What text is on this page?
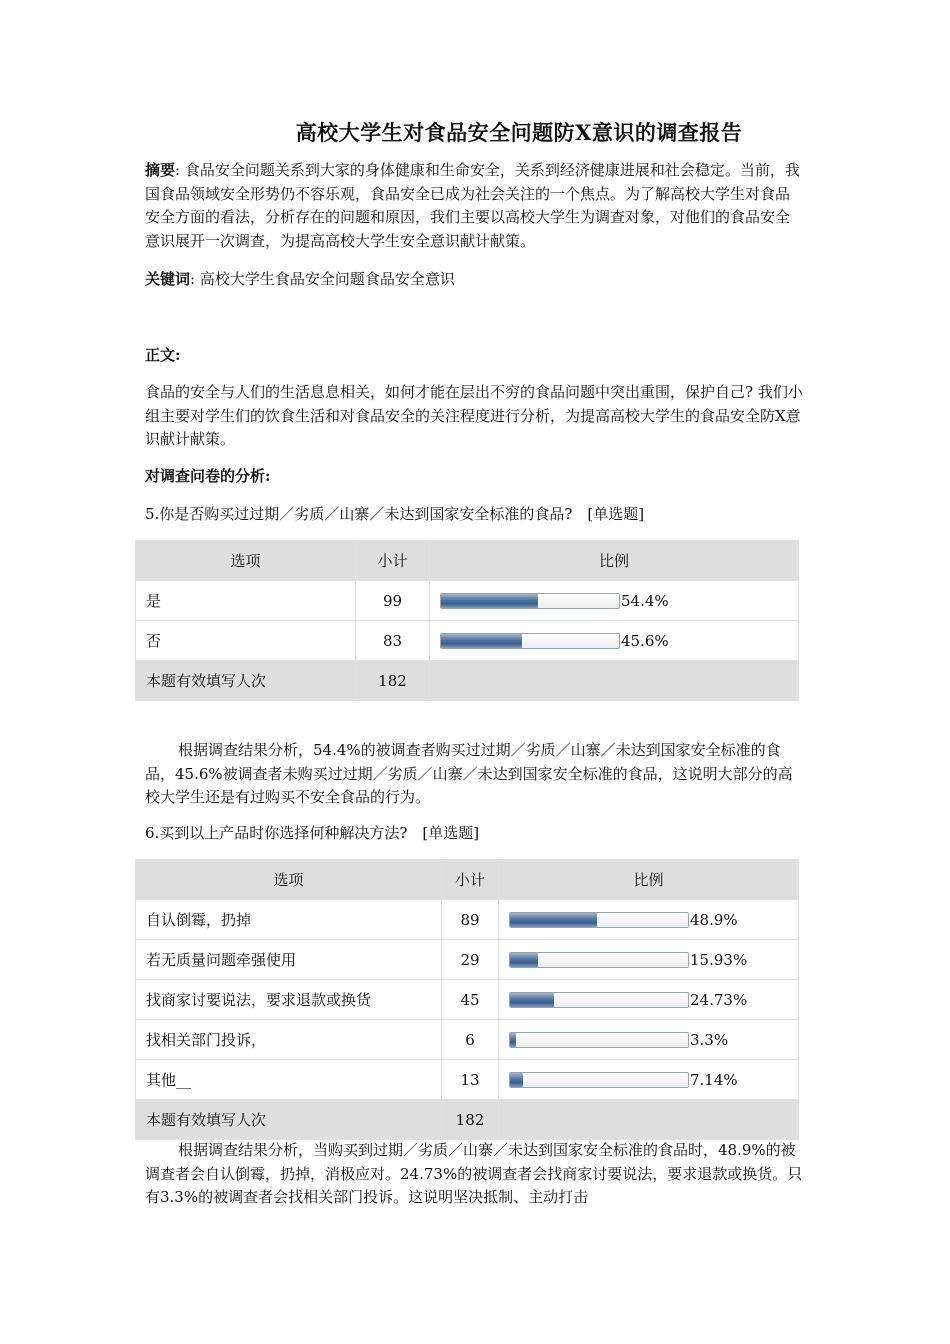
高校大学生对食品安全问题防X意识的调查报告

摘要: 食品安全问题关系到大家的身体健康和生命安全，关系到经济健康进展和社会稳定。当前，我国食品领域安全形势仍不容乐观，食品安全已成为社会关注的一个焦点。为了解高校大学生对食品安全方面的看法，分析存在的问题和原因，我们主要以高校大学生为调查对象，对他们的食品安全意识展开一次调查，为提高高校大学生安全意识献计献策。

关键词: 高校大学生食品安全问题食品安全意识

正文:

食品的安全与人们的生活息息相关，如何才能在层出不穷的食品问题中突出重围，保护自己? 我们小组主要对学生们的饮食生活和对食品安全的关注程度进行分析，为提高高校大学生的食品安全防X意识献计献策。

对调查问卷的分析:

5.你是否购买过过期／劣质／山寨／未达到国家安全标准的食品?　[单选题]

选项	小计	比例
是	99	54.4%

否	83	45.6%

本题有效填写人次	182	

根据调查结果分析，54.4%的被调查者购买过过期／劣质／山寨／未达到国家安全标准的食品，45.6%被调查者未购买过过期／劣质／山寨／未达到国家安全标准的食品，这说明大部分的高校大学生还是有过购买不安全食品的行为。

6.买到以上产品时你选择何种解决方法?　[单选题]

选项	小计	比例
自认倒霉，扔掉	89	48.9%

若无质量问题牵强使用	29	15.93%

找商家讨要说法，要求退款或换货	45	24.73%

找相关部门投诉，	6	3.3%

其他__	13	7.14%

本题有效填写人次	182	

根据调查结果分析，当购买到过期／劣质／山寨／未达到国家安全标准的食品时，48.9%的被调查者会自认倒霉，扔掉，消极应对。24.73%的被调查者会找商家讨要说法，要求退款或换货。只有3.3%的被调查者会找相关部门投诉。这说明坚决抵制、主动打击
